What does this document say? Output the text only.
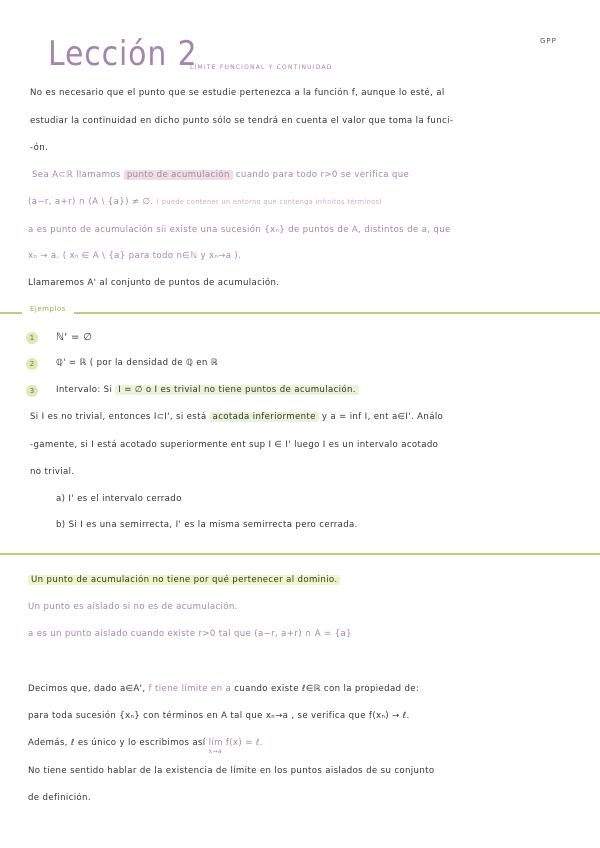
Lección 2
LÍMITE FUNCIONAL Y CONTINUIDAD
GPP
No es necesario que el punto que se estudie pertenezca a la función f, aunque lo esté, al
estudiar la continuidad en dicho punto sólo se tendrá en cuenta el valor que toma la funci-
-ón.
Sea A⊂ℝ llamamos punto de acumulación cuando para todo r>0 se verifica que
(a−r, a+r) ∩ (A \ {a}) ≠ ∅. ( puede contener un entorno que contenga infinitos términos)
a es punto de acumulación sii existe una sucesión {xₙ} de puntos de A, distintos de a, que
xₙ → a. ( xₙ ∈ A \ {a} para todo n∈ℕ y xₙ→a ).
Llamaremos A' al conjunto de puntos de acumulación.
Ejemplos
1	ℕ' = ∅
2	ℚ' = ℝ ( por la densidad de ℚ en ℝ
3	Intervalo: Si I = ∅ o I es trivial no tiene puntos de acumulación.
Si I es no trivial, entonces I⊂I', si está acotada inferiormente y a = inf I, ent a∈I'. Análo
-gamente, si I está acotado superiormente ent sup I ∈ I' luego I es un intervalo acotado
no trivial.
a) I' es el intervalo cerrado
b) Si I es una semirrecta, I' es la misma semirrecta pero cerrada.
Un punto de acumulación no tiene por qué pertenecer al dominio.
Un punto es aislado si no es de acumulación.
a es un punto aislado cuando existe r>0 tal que (a−r, a+r) ∩ A = {a}
Decimos que, dado a∈A', f tiene límite en a cuando existe ℓ∈ℝ con la propiedad de:
para toda sucesión {xₙ} con términos en A tal que xₙ→a , se verifica que f(xₙ) → ℓ.
Además, ℓ es único y lo escribimos así lím f(x) = ℓ.
x→a
No tiene sentido hablar de la existencia de límite en los puntos aislados de su conjunto
de definición.
